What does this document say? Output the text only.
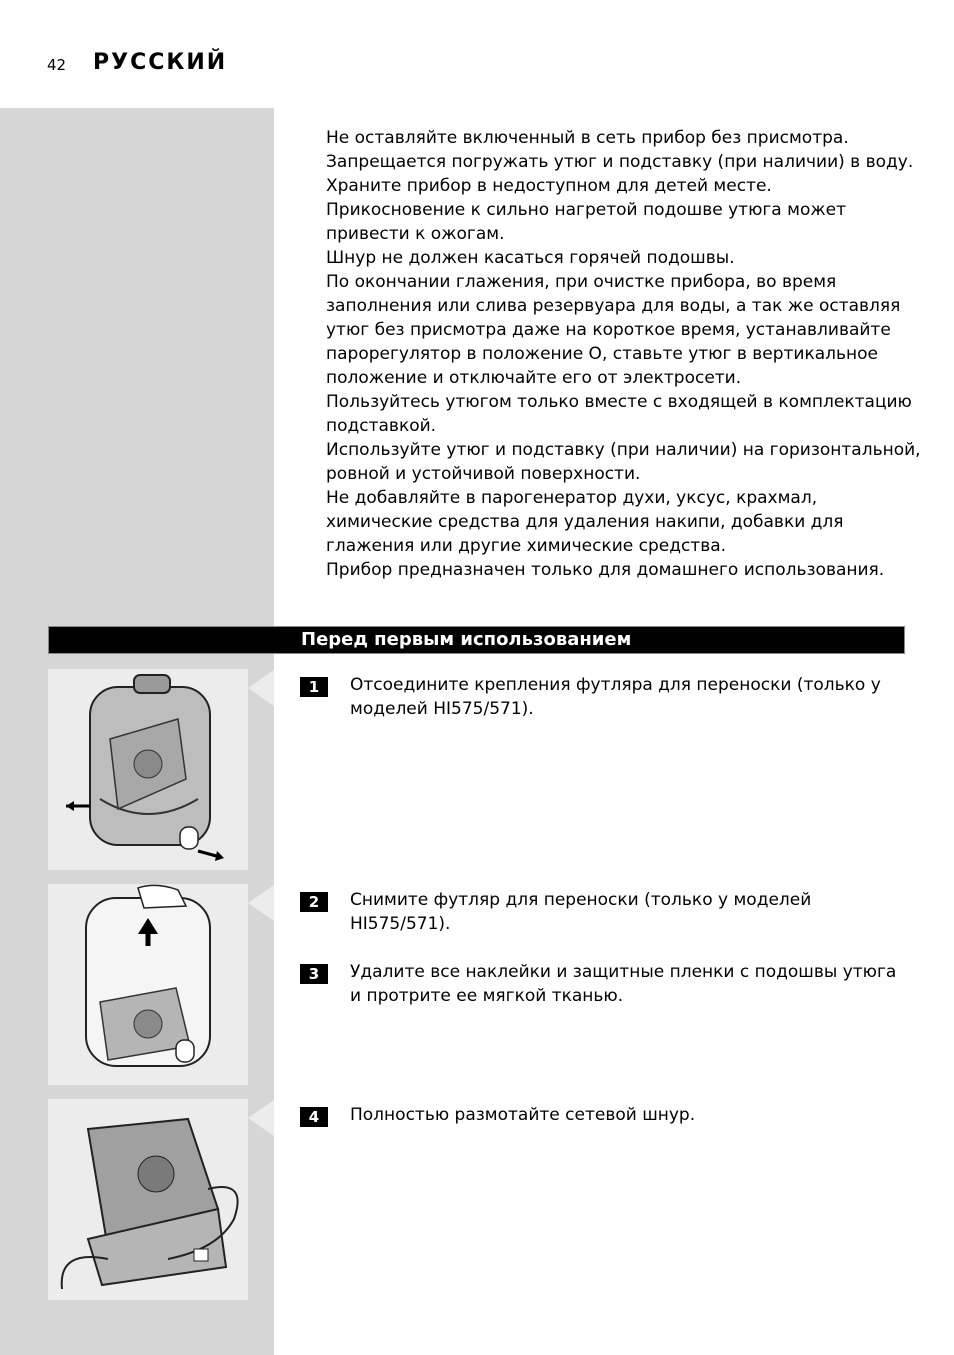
42 РУССКИЙ

Не оставляйте включенный в сеть прибор без присмотра.

Запрещается погружать утюг и подставку (при наличии) в воду.

Храните прибор в недоступном для детей месте.

Прикосновение к сильно нагретой подошве утюга может привести к ожогам.

Шнур не должен касаться горячей подошвы.

По окончании глажения, при очистке прибора, во время заполнения или слива резервуара для воды, а так же оставляя утюг без присмотра даже на короткое время, устанавливайте парорегулятор в положение O, ставьте утюг в вертикальное положение и отключайте его от электросети.

Пользуйтесь утюгом только вместе с входящей в комплектацию подставкой.

Используйте утюг и подставку (при наличии) на горизонтальной, ровной и устойчивой поверхности.

Не добавляйте в парогенератор духи, уксус, крахмал, химические средства для удаления накипи, добавки для глажения или другие химические средства.

Прибор предназначен только для домашнего использования.

Перед первым использованием
1	Отсоедините крепления футляра для переноски (только у моделей HI575/571).
2	Снимите футляр для переноски (только у моделей HI575/571).
3	Удалите все наклейки и защитные пленки с подошвы утюга и протрите ее мягкой тканью.
4	Полностью размотайте сетевой шнур.
